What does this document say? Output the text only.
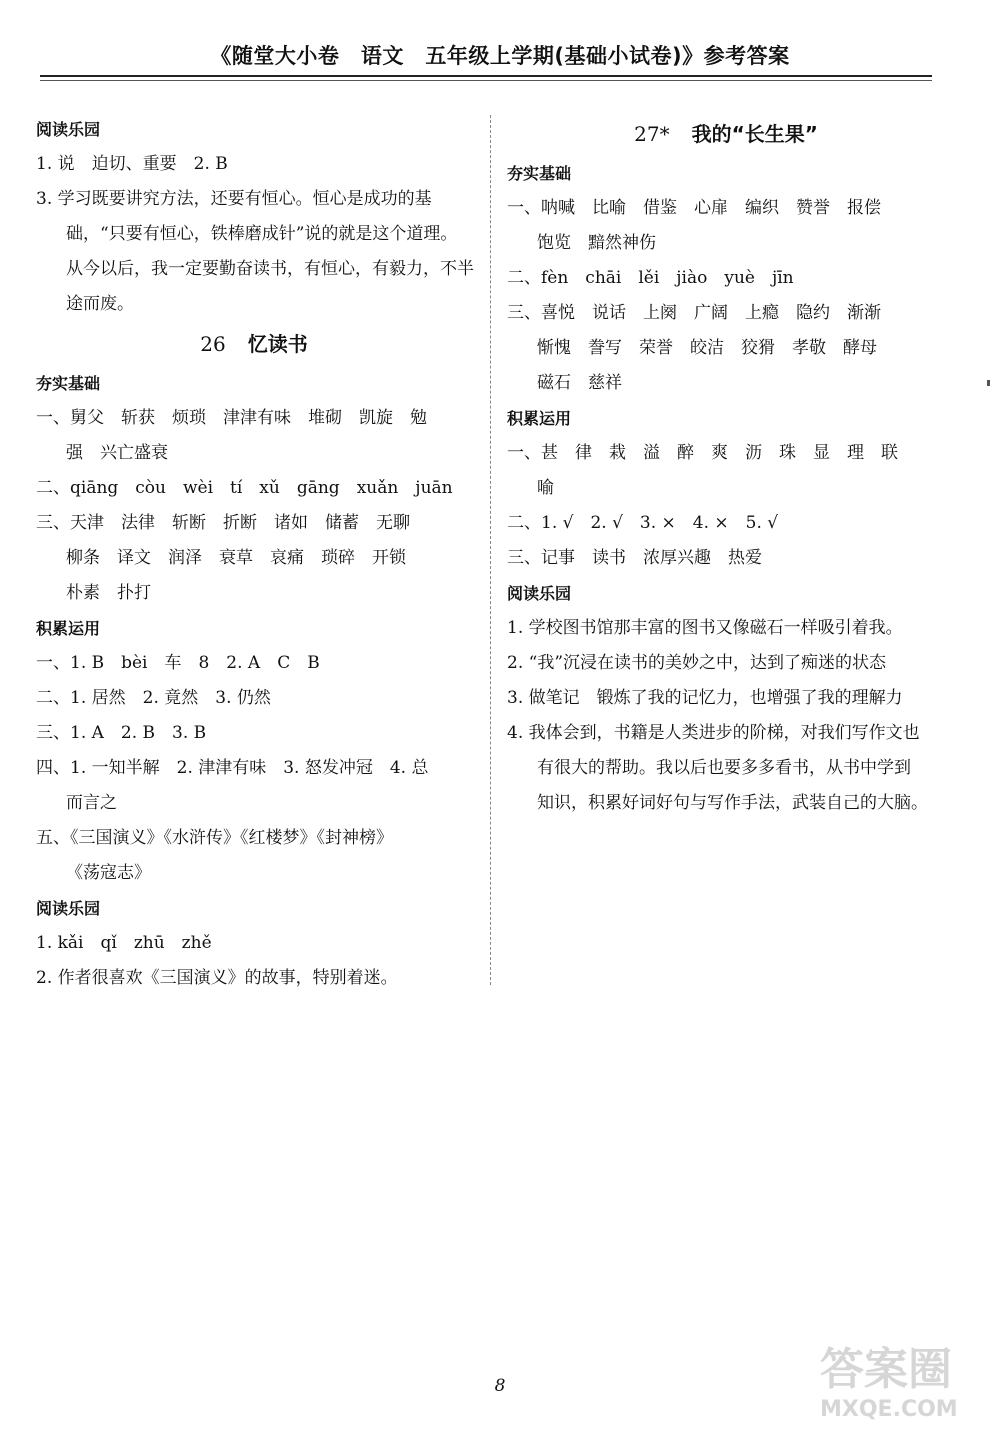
《随堂大小卷　语文　五年级上学期(基础小试卷)》参考答案
阅读乐园
1. 说　迫切、重要　2. B
3. 学习既要讲究方法，还要有恒心。恒心是成功的基
础，“只要有恒心，铁棒磨成针”说的就是这个道理。
从今以后，我一定要勤奋读书，有恒心，有毅力，不半
途而废。
26 忆读书
夯实基础
一、舅父　斩获　烦琐　津津有味　堆砌　凯旋　勉
强　兴亡盛衰
二、qiāng　còu　wèi　tí　xǔ　gāng　xuǎn　juān
三、天津　法律　斩断　折断　诸如　储蓄　无聊
柳条　译文　润泽　衰草　哀痛　琐碎　开锁
朴素　扑打
积累运用
一、1. B　bèi　车　8　2. A　C　B
二、1. 居然　2. 竟然　3. 仍然
三、1. A　2. B　3. B
四、1. 一知半解　2. 津津有味　3. 怒发冲冠　4. 总
而言之
五、《三国演义》《水浒传》《红楼梦》《封神榜》
《荡寇志》
阅读乐园
1. kǎi　qǐ　zhū　zhě
2. 作者很喜欢《三国演义》的故事，特别着迷。
27* 我的“长生果”
夯实基础
一、呐喊　比喻　借鉴　心扉　编织　赞誉　报偿
饱览　黯然神伤
二、fèn　chāi　lěi　jiào　yuè　jīn
三、喜悦　说话　上阕　广阔　上瘾　隐约　渐渐
惭愧　誊写　荣誉　皎洁　狡猾　孝敬　酵母
磁石　慈祥
积累运用
一、甚　律　栽　溢　醉　爽　沥　珠　显　理　联
喻
二、1. √　2. √　3. ×　4. ×　5. √
三、记事　读书　浓厚兴趣　热爱
阅读乐园
1. 学校图书馆那丰富的图书又像磁石一样吸引着我。
2. “我”沉浸在读书的美妙之中，达到了痴迷的状态
3. 做笔记　锻炼了我的记忆力，也增强了我的理解力
4. 我体会到，书籍是人类进步的阶梯，对我们写作文也
有很大的帮助。我以后也要多多看书，从书中学到
知识，积累好词好句与写作手法，武装自己的大脑。
8	答案圈
MXQE.COM
